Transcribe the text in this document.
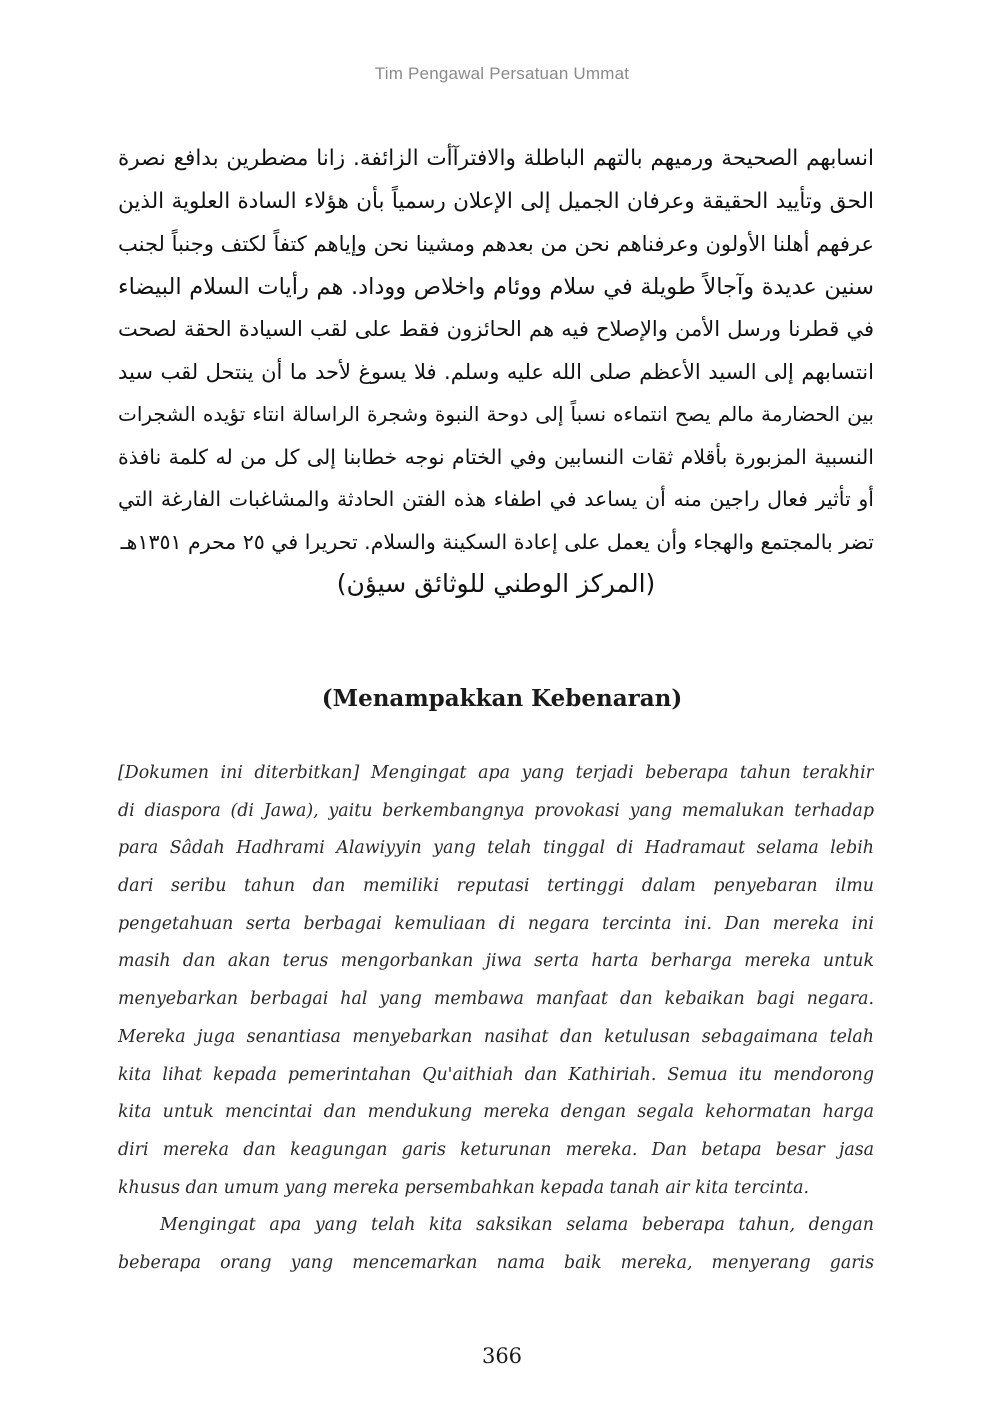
Tim Pengawal Persatuan Ummat
انسابهم الصحيحة ورميهم بالتهم الباطلة والافترآأت الزائفة. زانا مضطرين بدافع نصرة
الحق وتأييد الحقيقة وعرفان الجميل إلى الإعلان رسمياً بأن هؤلاء السادة العلوية الذين
عرفهم أهلنا الأولون وعرفناهم نحن من بعدهم ومشينا نحن وإياهم كتفاً لكتف وجنباً لجنب
سنين عديدة وآجالاً طويلة في سلام ووئام واخلاص ووداد. هم رأيات السلام البيضاء
في قطرنا ورسل الأمن والإصلاح فيه هم الحائزون فقط على لقب السيادة الحقة لصحت
انتسابهم إلى السيد الأعظم صلى الله عليه وسلم. فلا يسوغ لأحد ما أن ينتحل لقب سيد
بين الحضارمة مالم يصح انتماءه نسباً إلى دوحة النبوة وشجرة الراسالة انتاء تؤيده الشجرات
النسبية المزبورة بأقلام ثقات النسابين وفي الختام نوجه خطابنا إلى كل من له كلمة نافذة
أو تأثير فعال راجين منه أن يساعد في اطفاء هذه الفتن الحادثة والمشاغبات الفارغة التي
تضر بالمجتمع والهجاء وأن يعمل على إعادة السكينة والسلام. تحريرا في ٢٥ محرم ١٣٥١هـ
(المركز الوطني للوثائق سيؤن)
(Menampakkan Kebenaran)
[Dokumen ini diterbitkan] Mengingat apa yang terjadi beberapa tahun terakhir
di diaspora (di Jawa), yaitu berkembangnya provokasi yang memalukan terhadap
para Sâdah Hadhrami Alawiyyin yang telah tinggal di Hadramaut selama lebih
dari seribu tahun dan memiliki reputasi tertinggi dalam penyebaran ilmu
pengetahuan serta berbagai kemuliaan di negara tercinta ini. Dan mereka ini
masih dan akan terus mengorbankan jiwa serta harta berharga mereka untuk
menyebarkan berbagai hal yang membawa manfaat dan kebaikan bagi negara.
Mereka juga senantiasa menyebarkan nasihat dan ketulusan sebagaimana telah
kita lihat kepada pemerintahan Qu'aithiah dan Kathiriah. Semua itu mendorong
kita untuk mencintai dan mendukung mereka dengan segala kehormatan harga
diri mereka dan keagungan garis keturunan mereka. Dan betapa besar jasa
khusus dan umum yang mereka persembahkan kepada tanah air kita tercinta.
Mengingat apa yang telah kita saksikan selama beberapa tahun, dengan
beberapa orang yang mencemarkan nama baik mereka, menyerang garis
366
